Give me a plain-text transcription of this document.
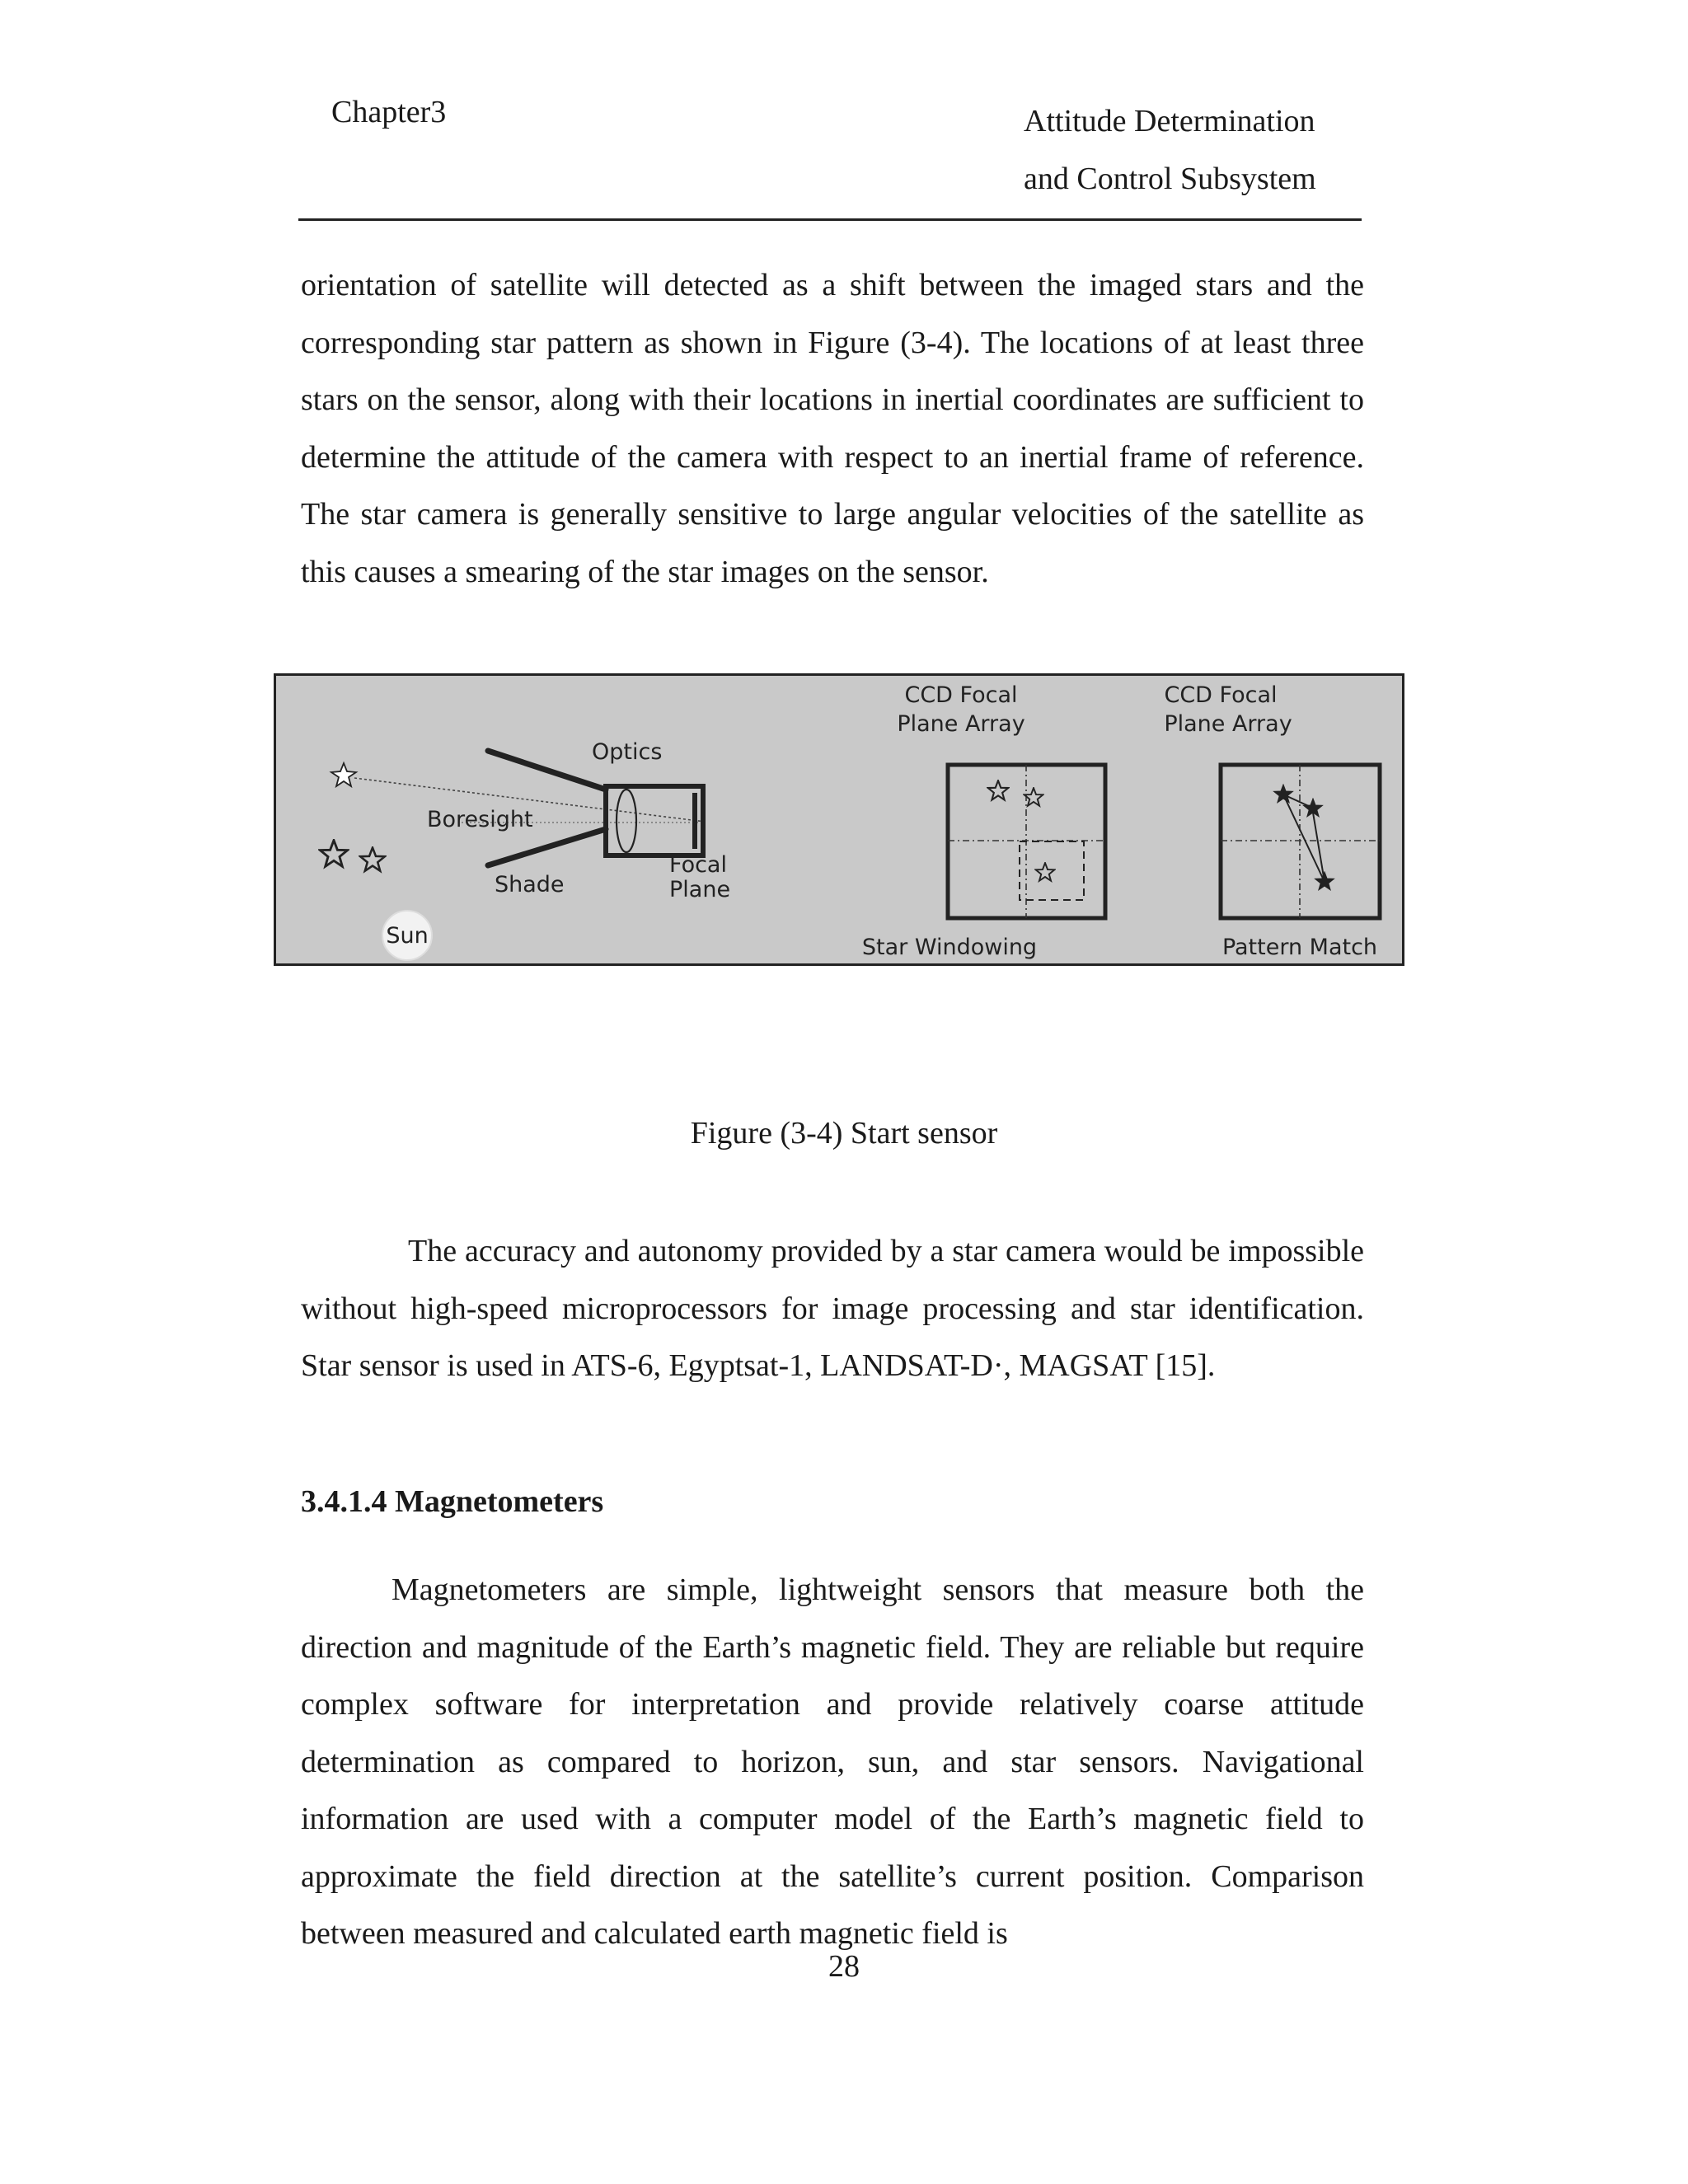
Chapter3	Attitude Determination
and Control Subsystem
orientation of satellite will detected as a shift between the imaged stars and the corresponding star pattern as shown in Figure (3-4). The locations of at least three stars on the sensor, along with their locations in inertial coordinates are sufficient to determine the attitude of the camera with respect to an inertial frame of reference. The star camera is generally sensitive to large angular velocities of the satellite as this causes a smearing of the star images on the sensor.
Optics
Boresight
Shade
Focal
Plane
Sun
CCD Focal
Plane Array
Star Windowing
CCD Focal
Plane Array
Pattern Match
Figure (3-4) Start sensor
The accuracy and autonomy provided by a star camera would be impossible without high-speed microprocessors for image processing and star identification. Star sensor is used in ATS-6, Egyptsat-1, LANDSAT-D·, MAGSAT [15].
3.4.1.4 Magnetometers
Magnetometers are simple, lightweight sensors that measure both the direction and magnitude of the Earth’s magnetic field. They are reliable but require complex software for interpretation and provide relatively coarse attitude determination as compared to horizon, sun, and star sensors. Navigational information are used with a computer model of the Earth’s magnetic field to approximate the field direction at the satellite’s current position. Comparison between measured and calculated earth magnetic field is
28
